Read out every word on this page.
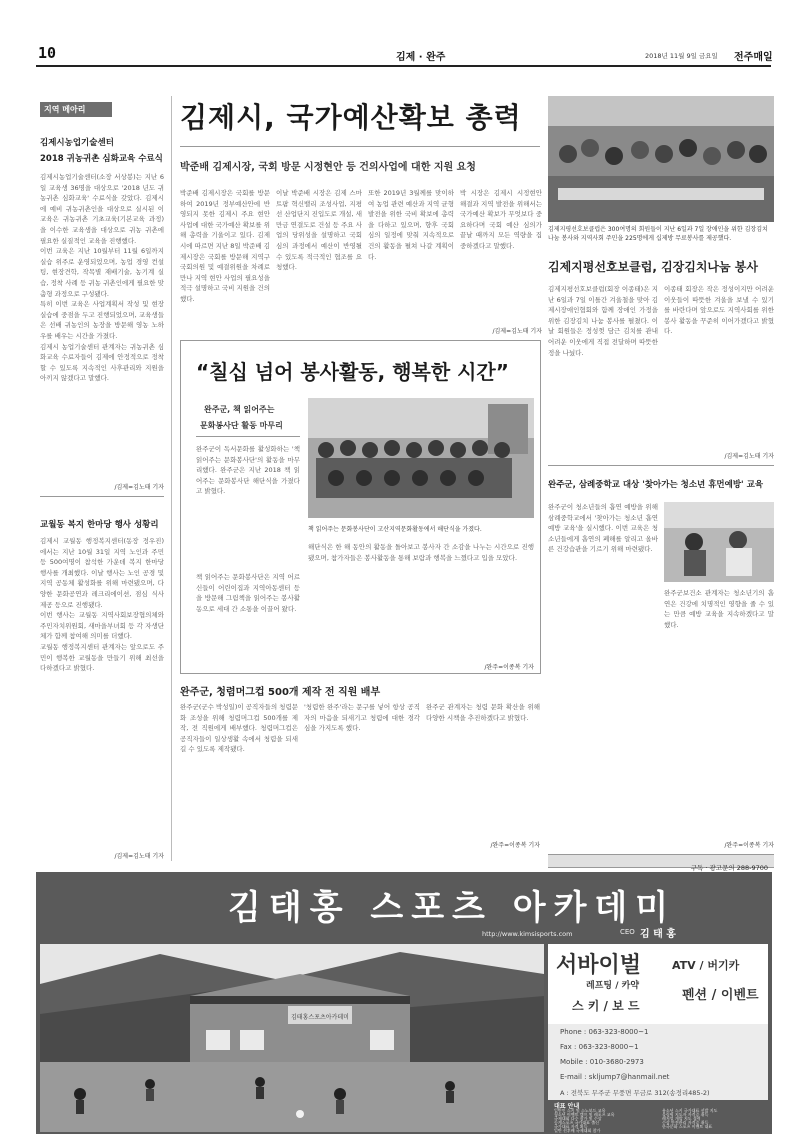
10	김제 · 완주	2018년 11월 9일 금요일 전주매일
지역 메아리
김제시농업기술센터
2018 귀농귀촌 심화교육 수료식

김제시농업기술센터(소장 서상봉)는 지난 6일 교육생 36명을 대상으로 '2018 년도 귀농귀촌 심화교육' 수료식을 갖았다. 김제시에 예비 귀농귀촌인을 대상으로 실시된 이 교육은 귀농귀촌 기초교육(기본교육 과정)을 이수한 교육생을 대상으로 귀농 귀촌에 필요한 실질적인 교육을 진행했다.

이번 교육은 지난 10월부터 11월 6일까지 실습 위주로 운영되었으며, 농업 경영 컨설팅, 현장견학, 작목별 재배기술, 농기계 실습, 정착 사례 등 귀농 귀촌인에게 필요한 맞춤형 과정으로 구성됐다.

특히 이번 교육은 사업계획서 작성 및 현장 실습에 중점을 두고 진행되었으며, 교육생들은 선배 귀농인의 농장을 방문해 영농 노하우를 배우는 시간을 가졌다.

김제시 농업기술센터 관계자는 귀농귀촌 심화교육 수료자들이 김제에 안정적으로 정착할 수 있도록 지속적인 사후관리와 지원을 아끼지 않겠다고 말했다.

/김제=김노태 기자
교월동 복지 한마당 행사 성황리

김제시 교월동 행정복지센터(동장 정우진)에서는 지난 10월 31일 지역 노인과 주민 등 500여명이 참석한 가운데 복지 한마당 행사를 개최했다. 이날 행사는 노인 공경 및 지역 공동체 활성화를 위해 마련됐으며, 다양한 문화공연과 레크리에이션, 점심 식사 제공 등으로 진행됐다.

이번 행사는 교월동 지역사회보장협의체와 주민자치위원회, 새마을부녀회 등 각 자생단체가 함께 참여해 의미를 더했다.

교월동 행정복지센터 관계자는 앞으로도 주민이 행복한 교월동을 만들기 위해 최선을 다하겠다고 밝혔다.

/김제=김노태 기자
김제시, 국가예산확보 총력
박준배 김제시장, 국회 방문 시정현안 등 건의사업에 대한 지원 요청
박준배 김제시장은 국회를 방문하여 2019년 정부예산안에 반영되지 못한 김제시 주요 현안 사업에 대한 국가예산 확보를 위해 총력을 기울이고 있다. 김제시에 따르면 지난 8일 박준배 김제시장은 국회를 방문해 지역구 국회의원 및 예결위원을 차례로 만나 지역 현안 사업의 필요성을 적극 설명하고 국비 지원을 건의했다.
이날 박준배 시장은 김제 스마트팜 혁신밸리 조성사업, 지평선 산업단지 진입도로 개설, 새만금 연결도로 건설 등 주요 사업의 당위성을 설명하고 국회 심의 과정에서 예산이 반영될 수 있도록 적극적인 협조를 요청했다.
또한 2019년 3월께를 맞이하여 농업 관련 예산과 지역 균형발전을 위한 국비 확보에 총력을 다하고 있으며, 향후 국회 심의 일정에 맞춰 지속적으로 건의 활동을 펼쳐 나갈 계획이다.
박 시장은 김제시 시정현안 해결과 지역 발전을 위해서는 국가예산 확보가 무엇보다 중요하다며 국회 예산 심의가 끝날 때까지 모든 역량을 집중하겠다고 말했다.
/김제=김노태 기자
김제지평선호보클럽은 300여명의 회원들이 지난 6일과 7일 장애인을 위한 김장김치 나눔 봉사와 지역사회 주민을 225명에게 십제방 무료봉사를 제공했다.
김제지평선호보클럽, 김장김치나눔 봉사
김제지평선호보클럽(회장 이종태)은 지난 6일과 7일 이틀간 겨울철을 맞아 김제시장애인협회와 함께 장애인 가정을 위한 김장김치 나눔 봉사를 펼쳤다. 이날 회원들은 정성껏 담근 김치를 관내 어려운 이웃에게 직접 전달하며 따뜻한 정을 나눴다.
이종태 회장은 작은 정성이지만 어려운 이웃들이 따뜻한 겨울을 보낼 수 있기를 바란다며 앞으로도 지역사회를 위한 봉사 활동을 꾸준히 이어가겠다고 밝혔다.
/김제=김노태 기자
“칠십 넘어 봉사활동, 행복한 시간”
완주군, 책 읽어주는
문화봉사단 활동 마무리
책 읽어주는 문화봉사단이 고산지역문화활동에서 해단식을 가졌다.
완주군이 독서문화를 활성화하는 '책 읽어주는 문화봉사단'의 활동을 마무리했다. 완주군은 지난 2018 책 읽어주는 문화봉사단 해단식을 가졌다고 밝혔다.
책 읽어주는 문화봉사단은 지역 어르신들이 어린이집과 지역아동센터 등을 방문해 그림책을 읽어주는 봉사활동으로 세대 간 소통을 이끌어 왔다.
해단식은 한 해 동안의 활동을 돌아보고 봉사자 간 소감을 나누는 시간으로 진행됐으며, 참가자들은 봉사활동을 통해 보람과 행복을 느꼈다고 입을 모았다.
/완주=이종복 기자
완주군, 청렴머그컵 500개 제작 전 직원 배부
완주군(군수 박성일)이 공직자들의 청렴문화 조성을 위해 청렴머그컵 500개를 제작, 전 직원에게 배부했다. 청렴머그컵은 공직자들이 일상생활 속에서 청렴을 되새길 수 있도록 제작됐다.
'청렴한 완주'라는 문구를 넣어 항상 공직자의 마음을 되새기고 청렴에 대한 경각심을 가지도록 했다.
완주군 관계자는 청렴 문화 확산을 위해 다양한 시책을 추진하겠다고 밝혔다.
/완주=이종복 기자
완주군, 삼례중학교 대상 '찾아가는 청소년 휴먼예방' 교육
완주군이 청소년들의 흡연 예방을 위해 삼례중학교에서 '찾아가는 청소년 흡연예방 교육'을 실시했다. 이번 교육은 청소년들에게 흡연의 폐해를 알리고 올바른 건강습관을 기르기 위해 마련됐다.
완주군보건소 관계자는 청소년기의 흡연은 건강에 치명적인 영향을 줄 수 있는 만큼 예방 교육을 지속하겠다고 말했다.
/완주=이종복 기자
구독 · 광고문의 288-9700
김태홍 스포츠 아카데미
http://www.kimsisports.com	CEO 김 태 홍
김태홍스포츠아카데미
서바이벌	ATV / 버기카
레프팅 / 카약
스 키 / 보 드
펜션 / 이벤트
Phone : 063-323-8000~1
Fax : 063-323-8000~1
Mobile : 010-3680-2973
E-mail : skljump7@hanmail.net
A : 전북도 무주군 무풍면 무금로 312(송정리485-2)
대표 안내
일반인 스키 및 스노보드 교육
청소년 이벤트 캠프 및 레포츠 교육
국제대회 다수 참가 및 수상
동계스포츠 국가대표 출신
국가대표 자격 획득
일반 선후배 국제대회 참가
유소년 스키 국가대표 선발 지도
올림픽 지도자 자격증 취득
레저업 개발 지도 경력
수상 안전관리 자격증 취득
한국문화 스포츠 이벤트 대표
